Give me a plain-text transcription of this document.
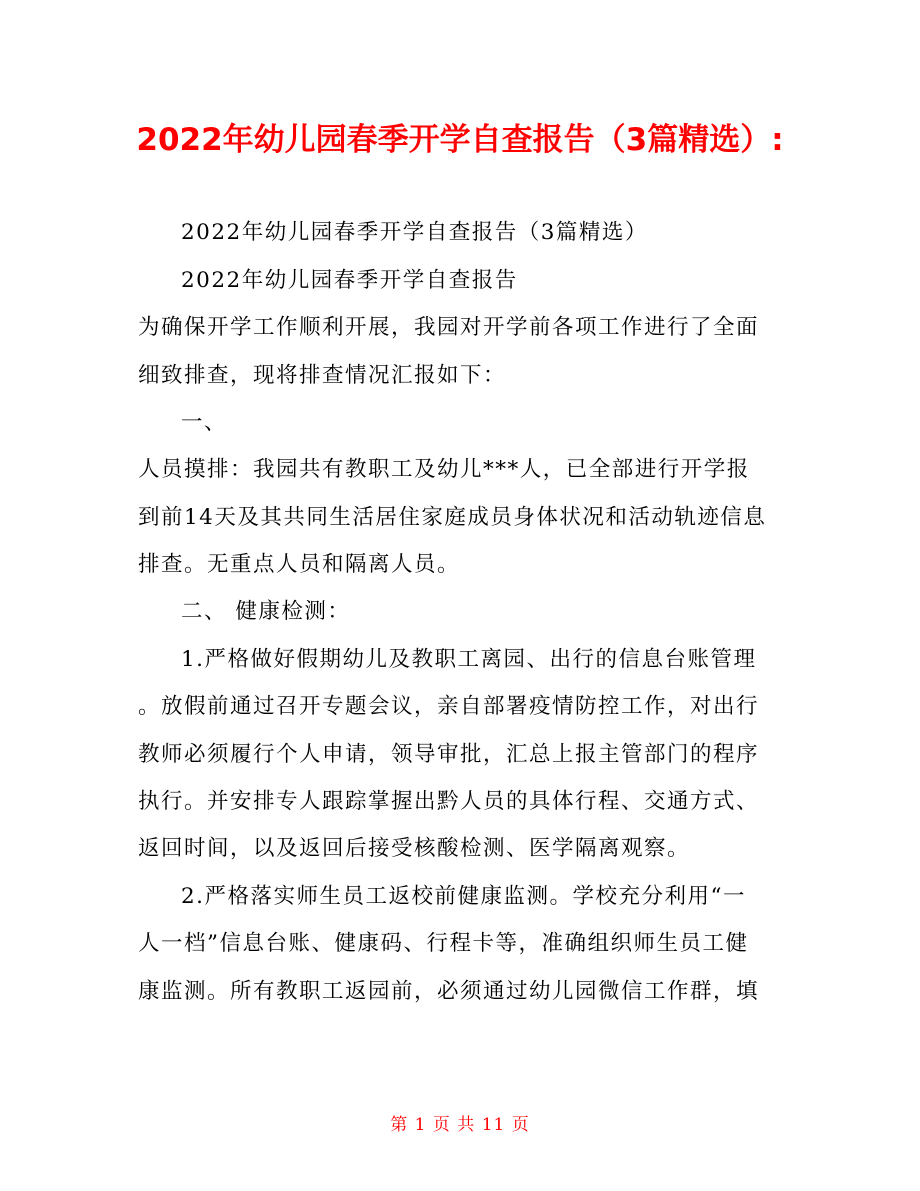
2022年幼儿园春季开学自查报告（3篇精选）:
2022年幼儿园春季开学自查报告（3篇精选）
2022年幼儿园春季开学自查报告
为确保开学工作顺利开展，我园对开学前各项工作进行了全面
细致排查，现将排查情况汇报如下：
一、
人员摸排：我园共有教职工及幼儿***人，已全部进行开学报
到前14天及其共同生活居住家庭成员身体状况和活动轨迹信息
排查。无重点人员和隔离人员。
二、 健康检测：
1.严格做好假期幼儿及教职工离园、出行的信息台账管理
。放假前通过召开专题会议，亲自部署疫情防控工作，对出行
教师必须履行个人申请，领导审批，汇总上报主管部门的程序
执行。并安排专人跟踪掌握出黔人员的具体行程、交通方式、
返回时间，以及返回后接受核酸检测、医学隔离观察。
2.严格落实师生员工返校前健康监测。学校充分利用“一
人一档”信息台账、健康码、行程卡等，准确组织师生员工健
康监测。所有教职工返园前，必须通过幼儿园微信工作群，填
第 1 页 共 11 页
